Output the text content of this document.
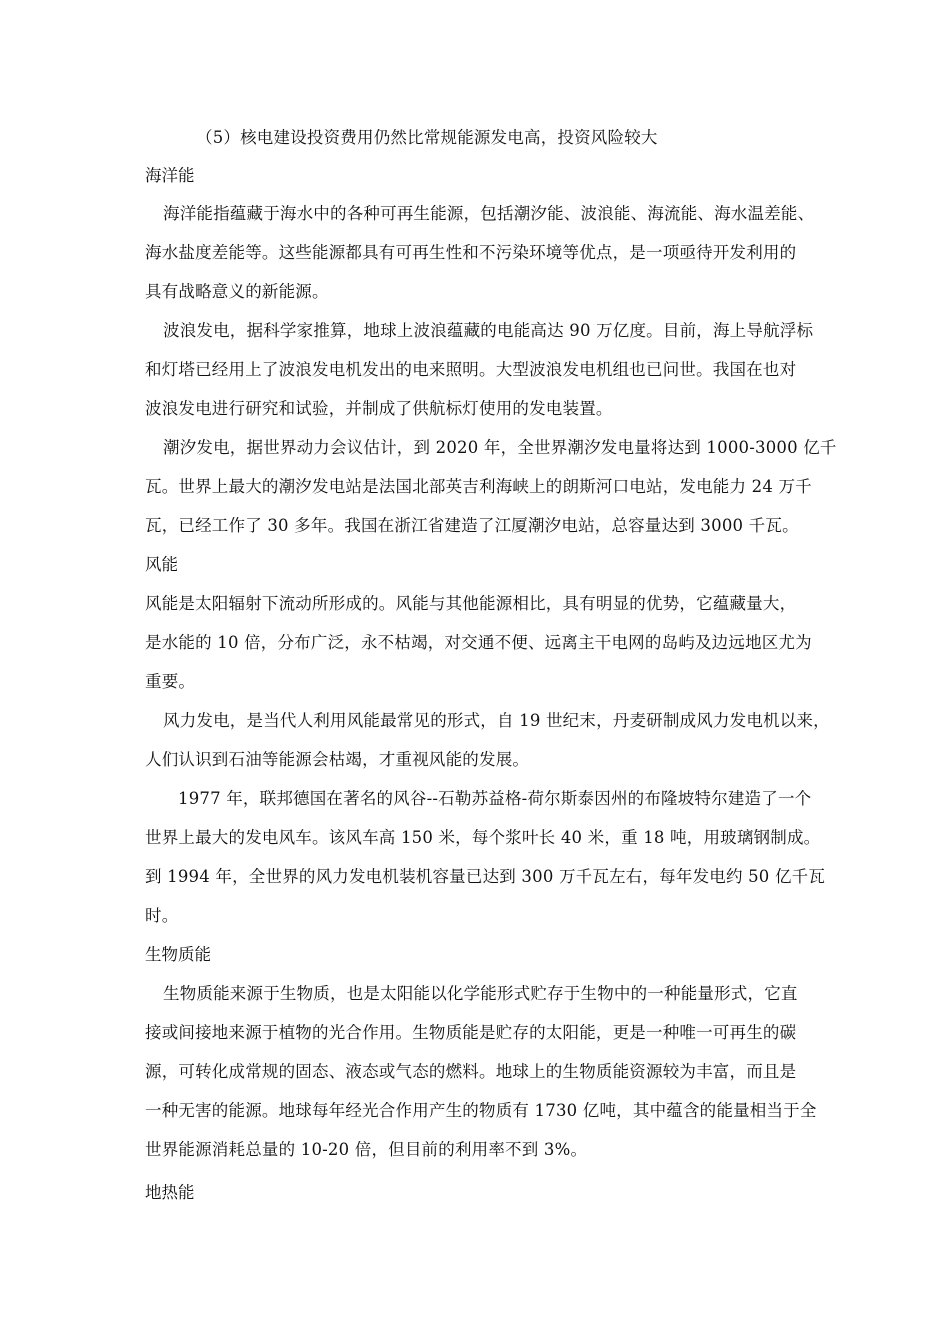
（5）核电建设投资费用仍然比常规能源发电高，投资风险较大
海洋能
海洋能指蕴藏于海水中的各种可再生能源，包括潮汐能、波浪能、海流能、海水温差能、
海水盐度差能等。这些能源都具有可再生性和不污染环境等优点，是一项亟待开发利用的
具有战略意义的新能源。
波浪发电，据科学家推算，地球上波浪蕴藏的电能高达 90 万亿度。目前，海上导航浮标
和灯塔已经用上了波浪发电机发出的电来照明。大型波浪发电机组也已问世。我国在也对
波浪发电进行研究和试验，并制成了供航标灯使用的发电装置。
潮汐发电，据世界动力会议估计，到 2020 年，全世界潮汐发电量将达到 1000-3000 亿千
瓦。世界上最大的潮汐发电站是法国北部英吉利海峡上的朗斯河口电站，发电能力 24 万千
瓦，已经工作了 30 多年。我国在浙江省建造了江厦潮汐电站，总容量达到 3000 千瓦。
风能
风能是太阳辐射下流动所形成的。风能与其他能源相比，具有明显的优势，它蕴藏量大，
是水能的 10 倍，分布广泛，永不枯竭，对交通不便、远离主干电网的岛屿及边远地区尤为
重要。
风力发电，是当代人利用风能最常见的形式，自 19 世纪末，丹麦研制成风力发电机以来，
人们认识到石油等能源会枯竭，才重视风能的发展。
1977 年，联邦德国在著名的风谷--石勒苏益格-荷尔斯泰因州的布隆坡特尔建造了一个
世界上最大的发电风车。该风车高 150 米，每个浆叶长 40 米，重 18 吨，用玻璃钢制成。
到 1994 年，全世界的风力发电机装机容量已达到 300 万千瓦左右，每年发电约 50 亿千瓦
时。
生物质能
生物质能来源于生物质，也是太阳能以化学能形式贮存于生物中的一种能量形式，它直
接或间接地来源于植物的光合作用。生物质能是贮存的太阳能，更是一种唯一可再生的碳
源，可转化成常规的固态、液态或气态的燃料。地球上的生物质能资源较为丰富，而且是
一种无害的能源。地球每年经光合作用产生的物质有 1730 亿吨，其中蕴含的能量相当于全
世界能源消耗总量的 10-20 倍，但目前的利用率不到 3%。
地热能
